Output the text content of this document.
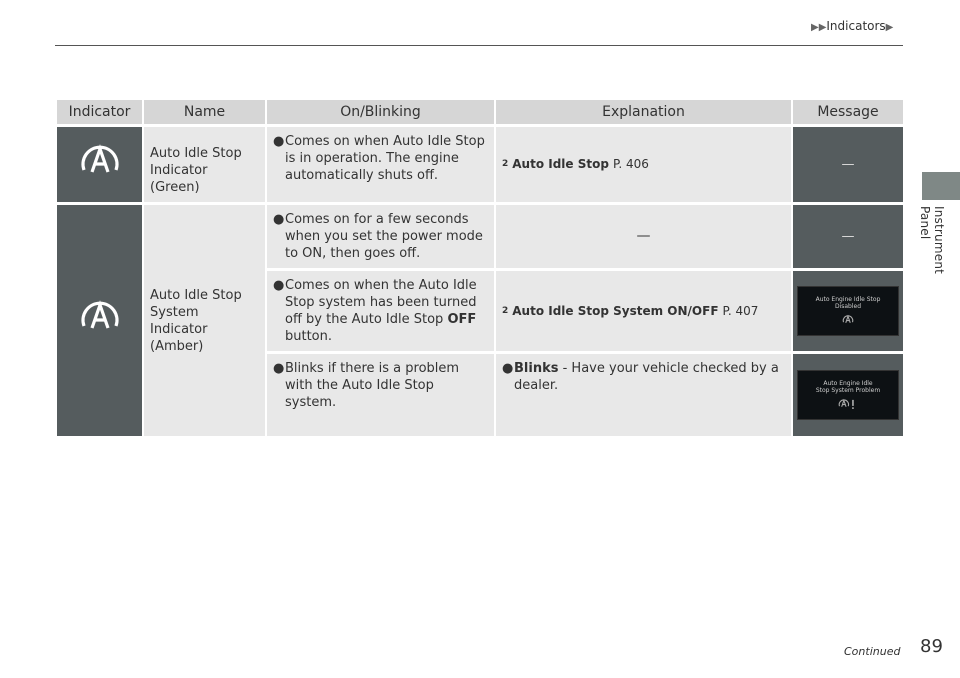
▶▶Indicators▶
Instrument Panel
Indicator	Name	On/Blinking	Explanation	Message
	Auto Idle Stop Indicator (Green)	● Comes on when Auto Idle Stop is in operation. The engine automatically shuts off.	2 Auto Idle Stop P. 406	—
	Auto Idle Stop System Indicator (Amber)	● Comes on for a few seconds when you set the power mode to ON, then goes off.	—	—

		● Comes on when the Auto Idle Stop system has been turned off by the Auto Idle Stop OFF button.	2 Auto Idle Stop System ON/OFF P. 407	Auto Engine Idle Stop
Disabled

		● Blinks if there is a problem with the Auto Idle Stop system.	● Blinks - Have your vehicle checked by a dealer.	Auto Engine Idle
Stop System Problem
Continued 89
